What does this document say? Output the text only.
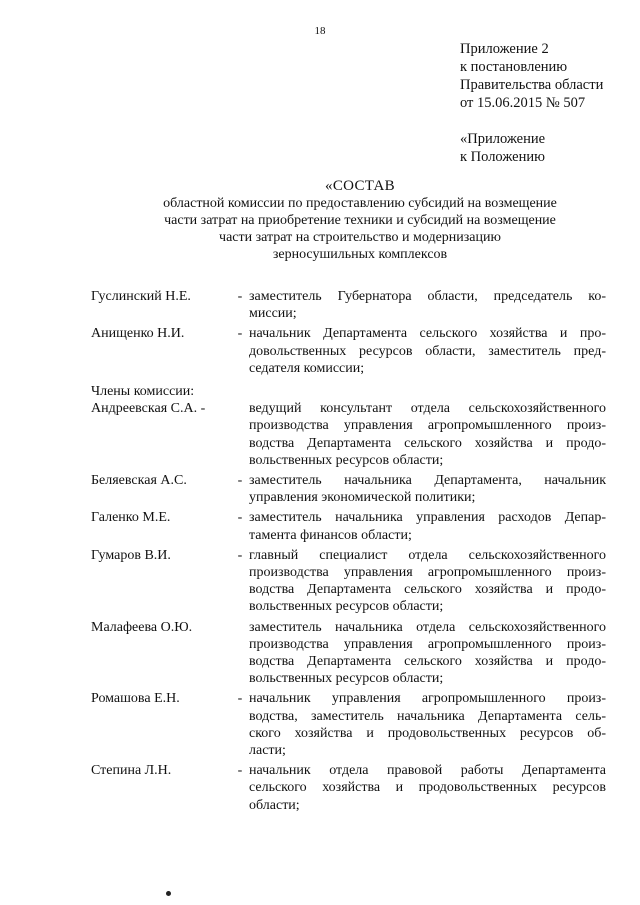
18
Приложение 2
к постановлению
Правительства области
от 15.06.2015 № 507
«Приложение
к Положению
«СОСТАВ
областной комиссии по предоставлению субсидий на возмещение
части затрат на приобретение техники и субсидий на возмещение
части затрат на строительство и модернизацию
зерносушильных комплексов
Гуслинский Н.Е.	- заместитель Губернатора области, председатель ко-
миссии;
Анищенко Н.И.	- начальник Департамента сельского хозяйства и про-
довольственных ресурсов области, заместитель пред-
седателя комиссии;
Члены комиссии:
Андреевская С.А. -	ведущий консультант отдела сельскохозяйственного
производства управления агропромышленного произ-
водства Департамента сельского хозяйства и продо-
вольственных ресурсов области;
Беляевская А.С.	- заместитель начальника Департамента, начальник
управления экономической политики;
Галенко М.Е.	- заместитель начальника управления расходов Депар-
тамента финансов области;
Гумаров В.И.	- главный специалист отдела сельскохозяйственного
производства управления агропромышленного произ-
водства Департамента сельского хозяйства и продо-
вольственных ресурсов области;
Малафеева О.Ю.	заместитель начальника отдела сельскохозяйственного
производства управления агропромышленного произ-
водства Департамента сельского хозяйства и продо-
вольственных ресурсов области;
Ромашова Е.Н.	- начальник управления агропромышленного произ-
водства, заместитель начальника Департамента сель-
ского хозяйства и продовольственных ресурсов об-
ласти;
Степина Л.Н.	- начальник отдела правовой работы Департамента
сельского хозяйства и продовольственных ресурсов
области;
